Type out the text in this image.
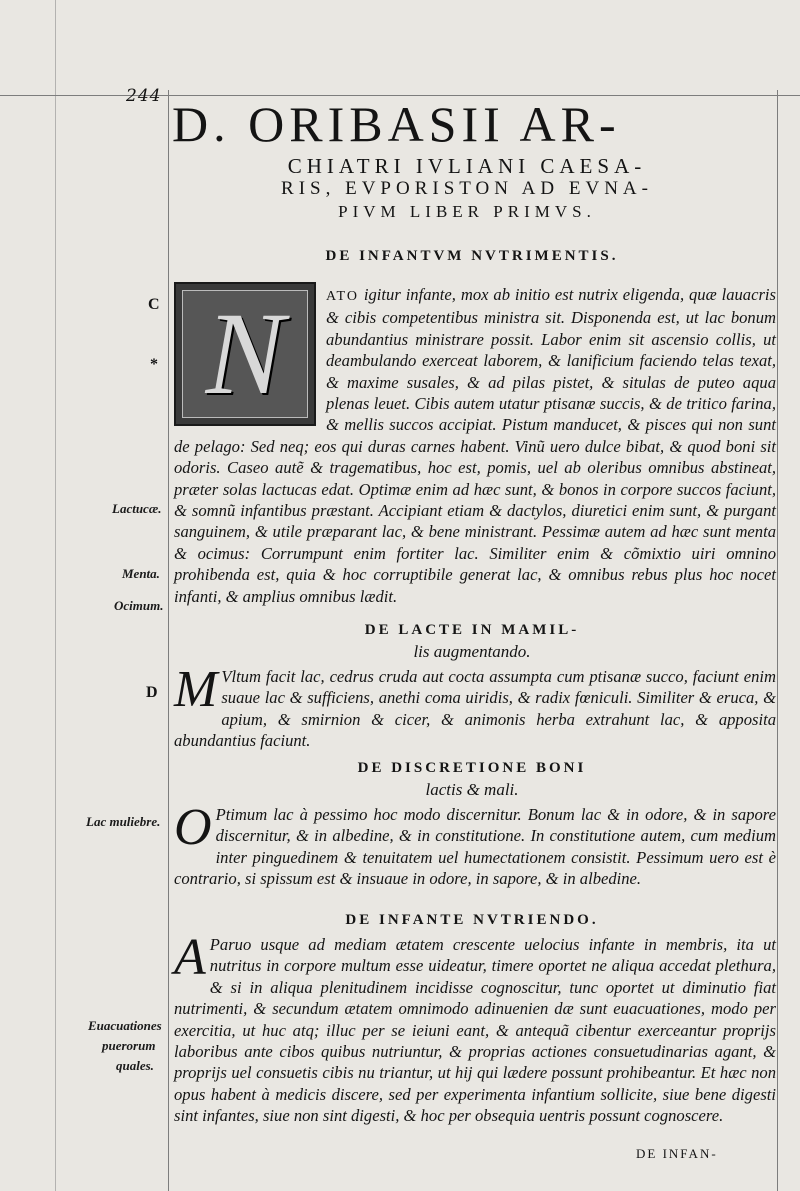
244 D. ORIBASII AR-
CHIATRI IVLIANI CAESA-
RIS, EVPORISTON AD EVNA-
PIVM LIBER PRIMVS.
DE INFANTVM NVTRIMENTIS.
C
* N	ATO igitur infante, mox ab initio est nutrix eligenda, quæ lauacris & cibis competentibus ministra sit. Disponenda est, ut lac bonum abundantius ministrare possit. Labor enim sit ascensio collis, ut deambulando exerceat laborem, & lanificium faciendo telas texat, & maxime susales, & ad pilas pistet, & situlas de puteo aqua plenas leuet. Cibis autem utatur ptisanæ succis, & de tritico farina, & mellis succos accipiat. Pistum manducet, & pisces qui non sunt de pelago: Sed neq; eos qui duras carnes habent. Vinũ uero dulce bibat, & quod boni sit odoris. Caseo autẽ & tragematibus, hoc est, pomis, uel ab oleribus omnibus abstineat, præter solas lactucas edat. Optimæ enim ad hæc sunt, & bonos in corpore succos faciunt, & somnũ infantibus præstant. Accipiant etiam & dactylos, diuretici enim sunt, & purgant sanguinem, & utile præparant lac, & bene ministrant. Pessimæ autem ad hæc sunt menta & ocimus: Corrumpunt enim fortiter lac. Similiter enim & cõmixtio uiri omnino prohibenda est, quia & hoc corruptibile generat lac, & omnibus rebus plus hoc nocet infanti, & amplius omnibus lædit.
Lactucæ.
Menta.
Ocimum.
DE LACTE IN MAMIL-
lis augmentando.
D M Vltum facit lac, cedrus cruda aut cocta assumpta cum ptisanæ succo, faciunt enim suaue lac & sufficiens, anethi coma uiridis, & radix fœniculi. Similiter & eruca, & apium, & smirnion & cicer, & animonis herba extrahunt lac, & apposita abundantius faciunt.
DE DISCRETIONE BONI
lactis & mali.
Lac muliebre. O Ptimum lac à pessimo hoc modo discernitur. Bonum lac & in odore, & in sapore discernitur, & in albedine, & in constitutione. In constitutione autem, cum medium inter pinguedinem & tenuitatem uel humectationem consistit. Pessimum uero est è contrario, si spissum est & insuaue in odore, in sapore, & in albedine.
DE INFANTE NVTRIENDO.
A Paruo usque ad mediam ætatem crescente uelocius infante in membris, ita ut nutritus in corpore multum esse uideatur, timere oportet ne aliqua accedat plethura, & si in aliqua plenitudinem incidisse cognoscitur, tunc oportet ut diminutio fiat nutrimenti, & secundum ætatem omnimodo adinuenien dæ sunt euacuationes, modo per exercitia, ut huc atq; illuc per se ieiuni eant, & antequã cibentur exerceantur proprijs laboribus ante cibos quibus nutriuntur, & proprias actiones consuetudinarias agant, & proprijs uel consuetis cibis nu triantur, ut hij qui lædere possunt prohibeantur. Et hæc non opus habent à medicis discere, sed per experimenta infantium sollicite, siue bene digesti sint infantes, siue non sint digesti, & hoc per obsequia uentris possunt cognoscere.
Euacuationes
puerorum
quales.
DE INFAN-
